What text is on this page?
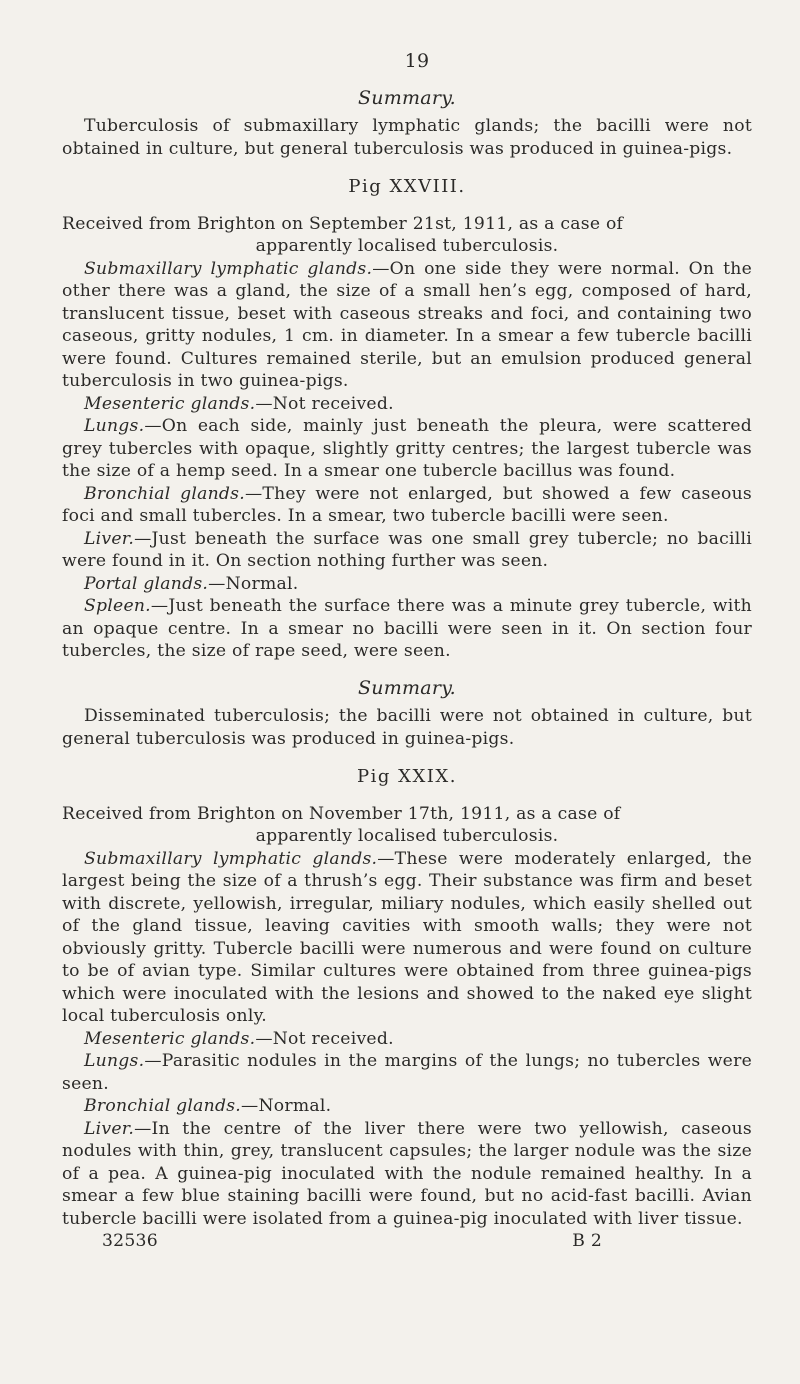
19
Summary.

Tuberculosis of submaxillary lymphatic glands; the bacilli were not obtained in culture, but general tuberculosis was produced in guinea-pigs.

Pig XXVIII.

Received from Brighton on September 21st, 1911, as a case of
apparently localised tuberculosis.

Submaxillary lymphatic glands.—On one side they were normal. On the other there was a gland, the size of a small hen’s egg, composed of hard, translucent tissue, beset with caseous streaks and foci, and containing two caseous, gritty nodules, 1 cm. in diameter. In a smear a few tubercle bacilli were found. Cultures remained sterile, but an emulsion produced general tuberculosis in two guinea-pigs.

Mesenteric glands.—Not received.

Lungs.—On each side, mainly just beneath the pleura, were scattered grey tubercles with opaque, slightly gritty centres; the largest tubercle was the size of a hemp seed. In a smear one tubercle bacillus was found.

Bronchial glands.—They were not enlarged, but showed a few caseous foci and small tubercles. In a smear, two tubercle bacilli were seen.

Liver.—Just beneath the surface was one small grey tubercle; no bacilli were found in it. On section nothing further was seen.

Portal glands.—Normal.

Spleen.—Just beneath the surface there was a minute grey tubercle, with an opaque centre. In a smear no bacilli were seen in it. On section four tubercles, the size of rape seed, were seen.

Summary.

Disseminated tuberculosis; the bacilli were not obtained in culture, but general tuberculosis was produced in guinea-pigs.

Pig XXIX.

Received from Brighton on November 17th, 1911, as a case of
apparently localised tuberculosis.

Submaxillary lymphatic glands.—These were moderately enlarged, the largest being the size of a thrush’s egg. Their substance was firm and beset with discrete, yellowish, irregular, miliary nodules, which easily shelled out of the gland tissue, leaving cavities with smooth walls; they were not obviously gritty. Tubercle bacilli were numerous and were found on culture to be of avian type. Similar cultures were obtained from three guinea-pigs which were inoculated with the lesions and showed to the naked eye slight local tuberculosis only.

Mesenteric glands.—Not received.

Lungs.—Parasitic nodules in the margins of the lungs; no tubercles were seen.

Bronchial glands.—Normal.

Liver.—In the centre of the liver there were two yellowish, caseous nodules with thin, grey, translucent capsules; the larger nodule was the size of a pea. A guinea-pig inoculated with the nodule remained healthy. In a smear a few blue staining bacilli were found, but no acid-fast bacilli. Avian tubercle bacilli were isolated from a guinea-pig inoculated with liver tissue.

32536	B 2
